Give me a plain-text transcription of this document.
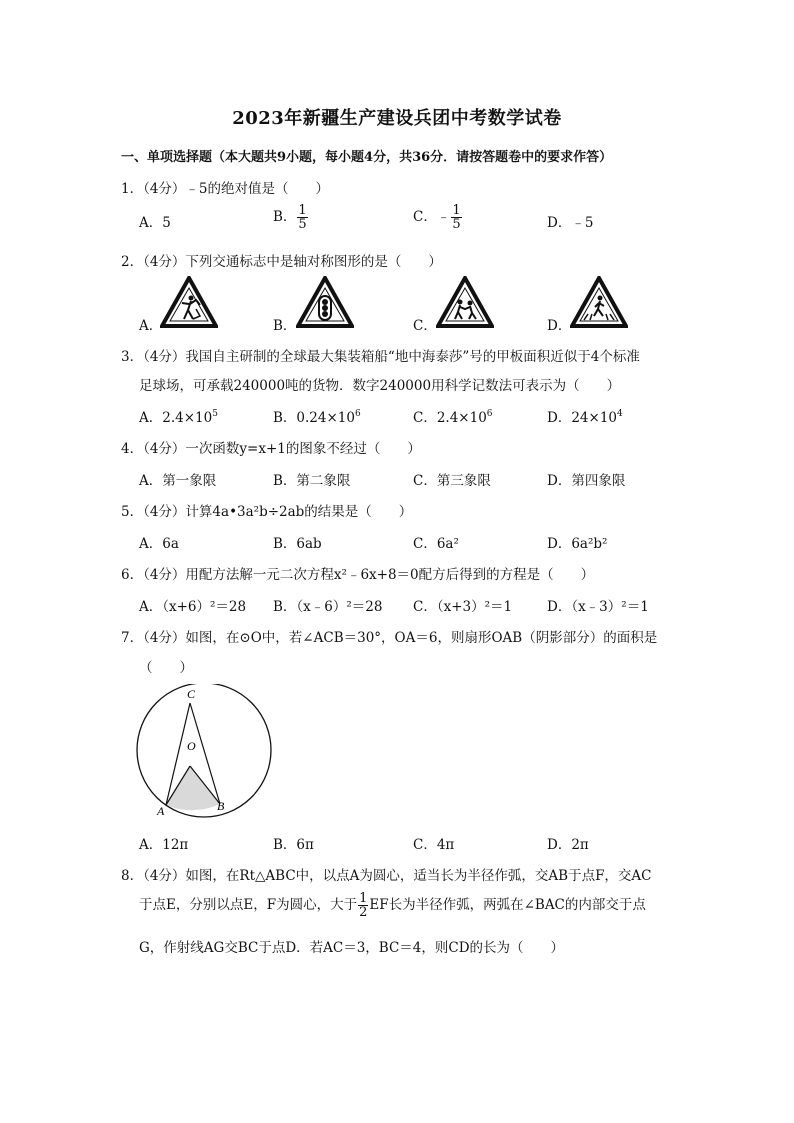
2023年新疆生产建设兵团中考数学试卷
一、单项选择题（本大题共9小题，每小题4分，共36分．请按答题卷中的要求作答）
1．（4分）﹣5的绝对值是（　　）
A．5	B． $\frac{1}{5}$	C．﹣ $\frac{1}{5}$	D．﹣5
2．（4分）下列交通标志中是轴对称图形的是（　　）
A．	B．	C．	D．
3．（4分）我国自主研制的全球最大集装箱船“地中海泰莎”号的甲板面积近似于4个标准
足球场，可承载240000吨的货物．数字240000用科学记数法可表示为（　　）
A．$2.4\times 10^5$	B．$0.24\times 10^6$	C．$2.4\times 10^6$	D．$24\times 10^4$
4．（4分）一次函数y=x+1的图象不经过（　　）
A．第一象限	B．第二象限	C．第三象限	D．第四象限
5．（4分）计算4a•3a²b÷2ab的结果是（　　）
A．6a	B．6ab	C．6a²	D．6a²b²
6．（4分）用配方法解一元二次方程x²﹣6x+8＝0配方后得到的方程是（　　）
A．（x+6）²＝28 B．（x﹣6）²＝28 C．（x+3）²＝1	D．（x﹣3）²＝1
7．（4分）如图，在⊙O中，若∠ACB＝30°，OA＝6，则扇形OAB（阴影部分）的面积是
（　　）
C
O
A	B
A．12π	B．6π	C．4π	D．2π
8．（4分）如图，在Rt△ABC中，以点A为圆心，适当长为半径作弧，交AB于点F，交AC
于点E，分别以点E，F为圆心，大于 $\frac{1}{2}$ EF长为半径作弧，两弧在∠BAC的内部交于点
G，作射线AG交BC于点D．若AC＝3，BC＝4，则CD的长为（　　）
